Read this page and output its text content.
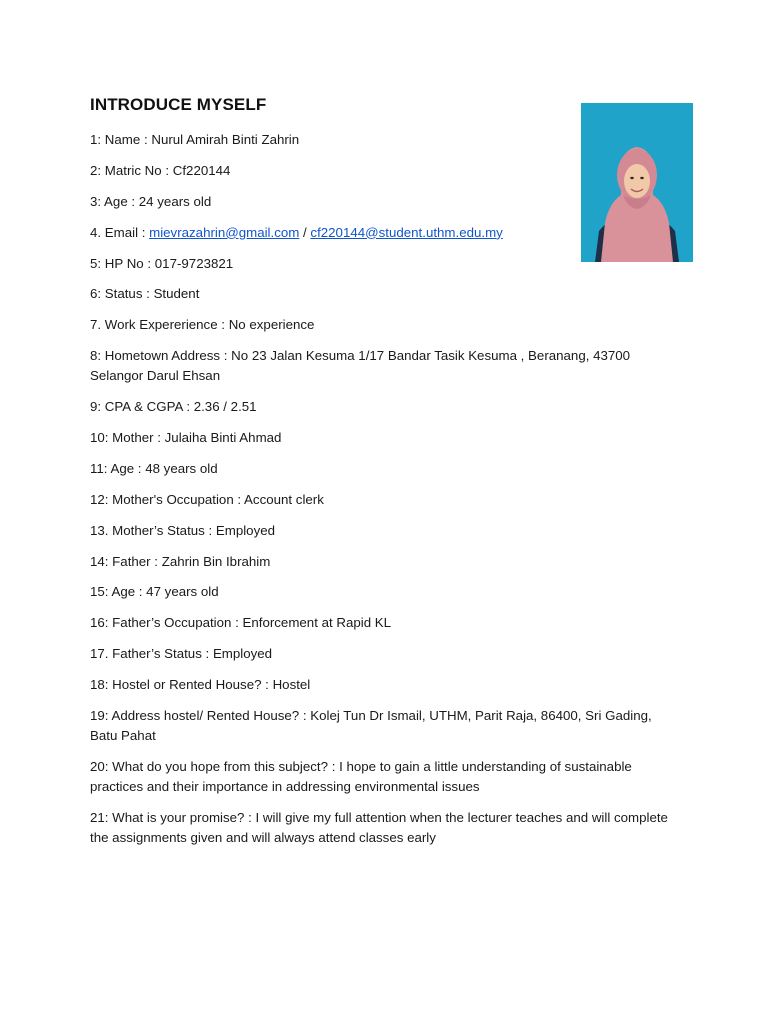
INTRODUCE MYSELF
1: Name : Nurul Amirah Binti Zahrin
2: Matric No : Cf220144
3: Age : 24 years old
4. Email : mievrazahrin@gmail.com / cf220144@student.uthm.edu.my
5: HP No : 017-9723821
6: Status : Student
7. Work Expererience : No experience
8: Hometown Address : No 23 Jalan Kesuma 1/17 Bandar Tasik Kesuma , Beranang, 43700 Selangor Darul Ehsan
9: CPA & CGPA : 2.36 / 2.51
10: Mother : Julaiha Binti Ahmad
11: Age : 48 years old
12: Mother's Occupation : Account clerk
13. Mother’s Status : Employed
14: Father : Zahrin Bin Ibrahim
15: Age : 47 years old
16: Father’s Occupation : Enforcement at Rapid KL
17. Father’s Status : Employed
18: Hostel or Rented House? : Hostel
19: Address hostel/ Rented House? : Kolej Tun Dr Ismail, UTHM, Parit Raja, 86400, Sri Gading, Batu Pahat
20: What do you hope from this subject? : I hope to gain a little understanding of sustainable practices and their importance in addressing environmental issues
21: What is your promise? : I will give my full attention when the lecturer teaches and will complete the assignments given and will always attend classes early
